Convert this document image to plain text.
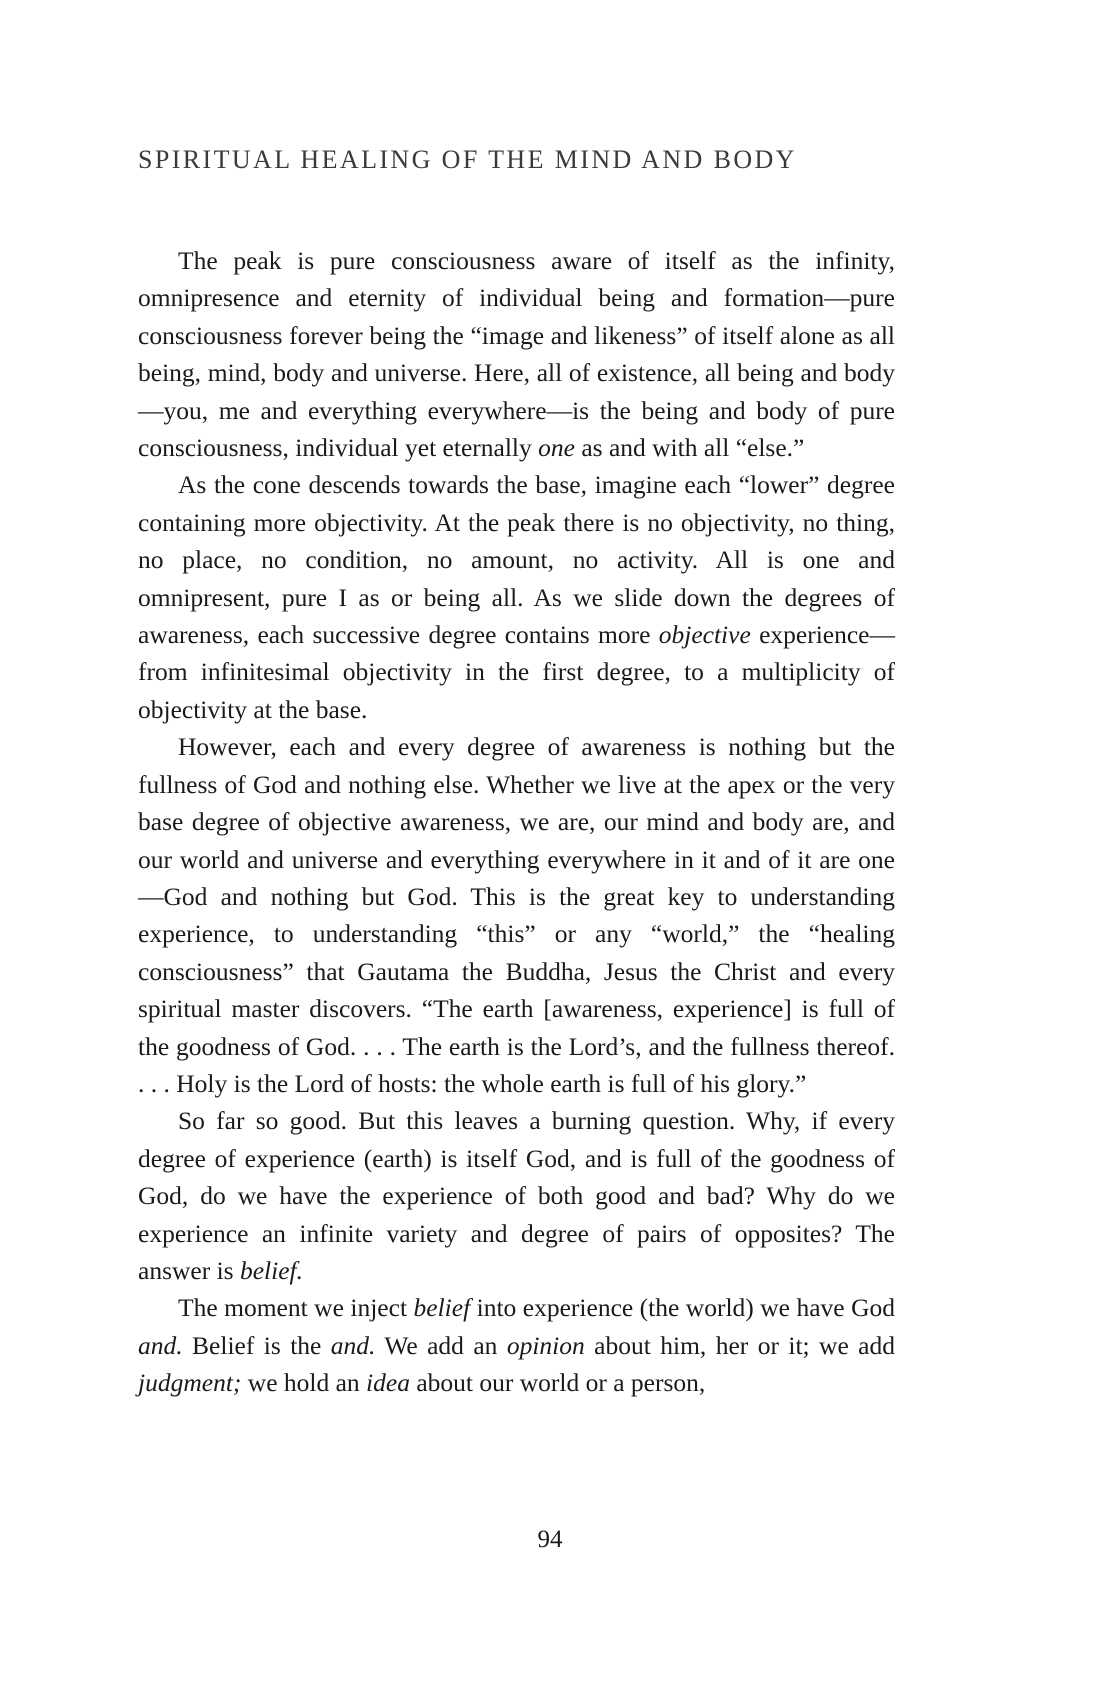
SPIRITUAL HEALING OF THE MIND AND BODY

The peak is pure consciousness aware of itself as the infinity, omnipresence and eternity of individual being and formation—pure consciousness forever being the “image and likeness” of itself alone as all being, mind, body and universe. Here, all of existence, all being and body—you, me and everything everywhere—is the being and body of pure consciousness, individual yet eternally one as and with all “else.”

As the cone descends towards the base, imagine each “lower” degree containing more objectivity. At the peak there is no objectivity, no thing, no place, no condition, no amount, no activity. All is one and omnipresent, pure I as or being all. As we slide down the degrees of awareness, each successive degree contains more objective experience—from infinitesimal objectivity in the first degree, to a multiplicity of objectivity at the base.

However, each and every degree of awareness is nothing but the fullness of God and nothing else. Whether we live at the apex or the very base degree of objective awareness, we are, our mind and body are, and our world and universe and everything everywhere in it and of it are one—God and nothing but God. This is the great key to understanding experience, to understanding “this” or any “world,” the “healing consciousness” that Gautama the Buddha, Jesus the Christ and every spiritual master discovers. “The earth [awareness, experience] is full of the goodness of God. . . . The earth is the Lord’s, and the fullness thereof. . . . Holy is the Lord of hosts: the whole earth is full of his glory.”

So far so good. But this leaves a burning question. Why, if every degree of experience (earth) is itself God, and is full of the goodness of God, do we have the experience of both good and bad? Why do we experience an infinite variety and degree of pairs of opposites? The answer is belief.

The moment we inject belief into experience (the world) we have God and. Belief is the and. We add an opinion about him, her or it; we add judgment; we hold an idea about our world or a person,

94
